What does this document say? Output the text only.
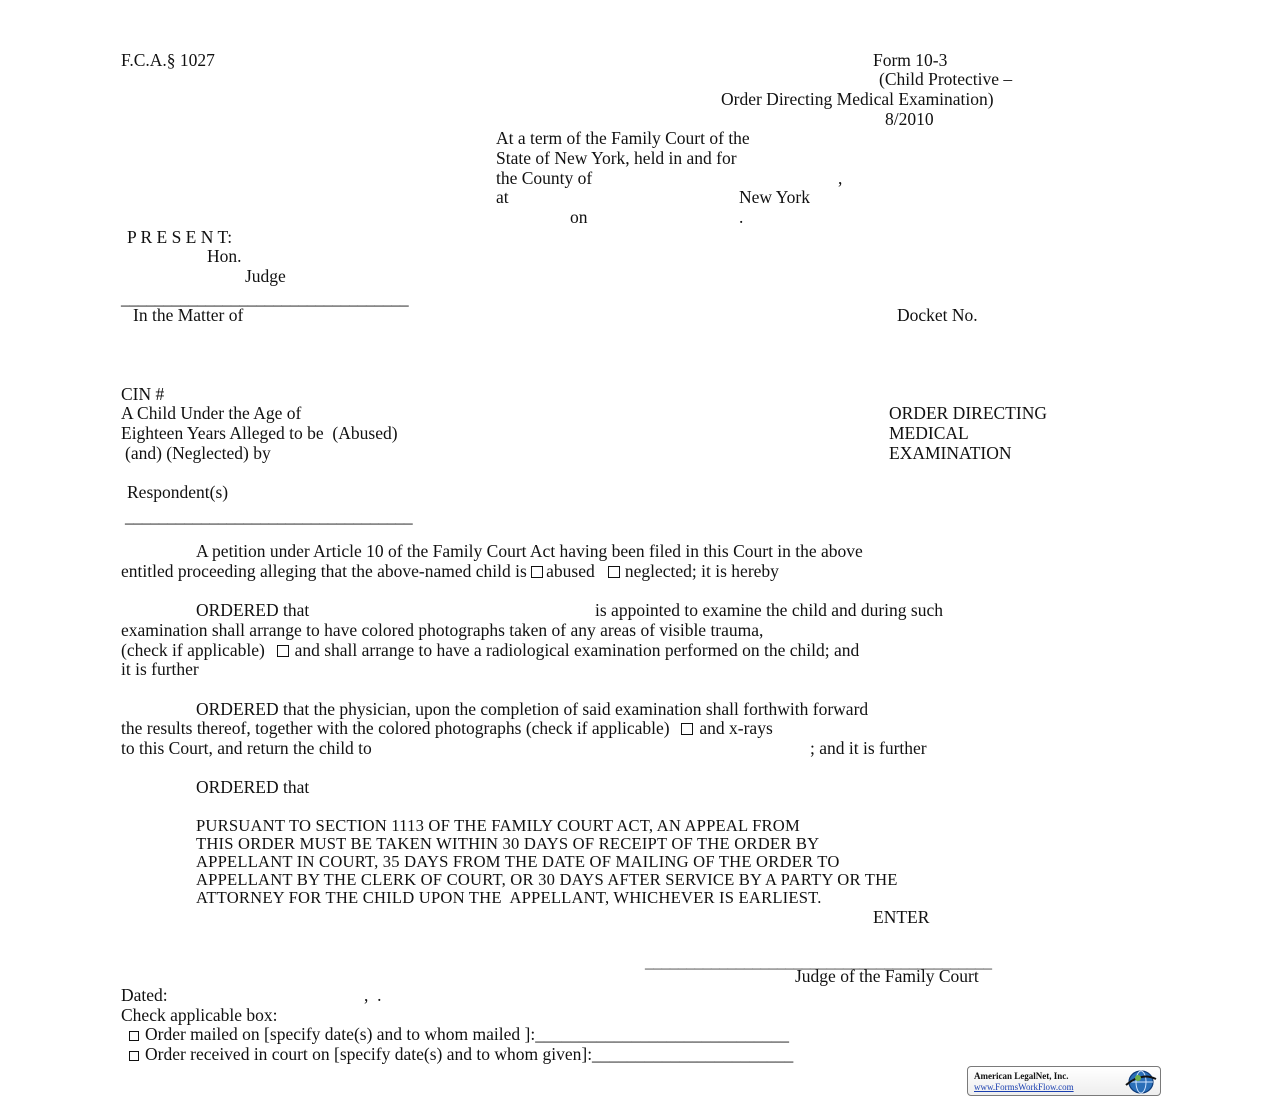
F.C.A.§ 1027	Form 10-3
(Child Protective –
Order Directing Medical Examination)
8/2010
At a term of the Family Court of the
State of New York, held in and for
the County of	,
at	New York
on	.
P R E S E N T:
Hon.
Judge
__________________________________
In the Matter of	Docket No.
CIN #
A Child Under the Age of
Eighteen Years Alleged to be  (Abused)
(and) (Neglected) by
Respondent(s)
__________________________________
ORDER DIRECTING
MEDICAL
EXAMINATION
A petition under Article 10 of the Family Court Act having been filed in this Court in the above
entitled proceeding alleging that the above-named child is abused neglected; it is hereby
ORDERED that	is appointed to examine the child and during such
examination shall arrange to have colored photographs taken of any areas of visible trauma,
(check if applicable) and shall arrange to have a radiological examination performed on the child; and
it is further
ORDERED that the physician, upon the completion of said examination shall forthwith forward
the results thereof, together with the colored photographs (check if applicable) and x-rays
to this Court, and return the child to	; and it is further
ORDERED that
PURSUANT TO SECTION 1113 OF THE FAMILY COURT ACT, AN APPEAL FROM
THIS ORDER MUST BE TAKEN WITHIN 30 DAYS OF RECEIPT OF THE ORDER BY
APPELLANT IN COURT, 35 DAYS FROM THE DATE OF MAILING OF THE ORDER TO
APPELLANT BY THE CLERK OF COURT, OR 30 DAYS AFTER SERVICE BY A PARTY OR THE
ATTORNEY FOR THE CHILD UPON THE  APPELLANT, WHICHEVER IS EARLIEST.
ENTER
__________________________________________
Judge of the Family Court
Dated:	,  .
Check applicable box:
Order mailed on [specify date(s) and to whom mailed ]:_____________________________
Order received in court on [specify date(s) and to whom given]:_______________________
American LegalNet, Inc.
www.FormsWorkFlow.com
